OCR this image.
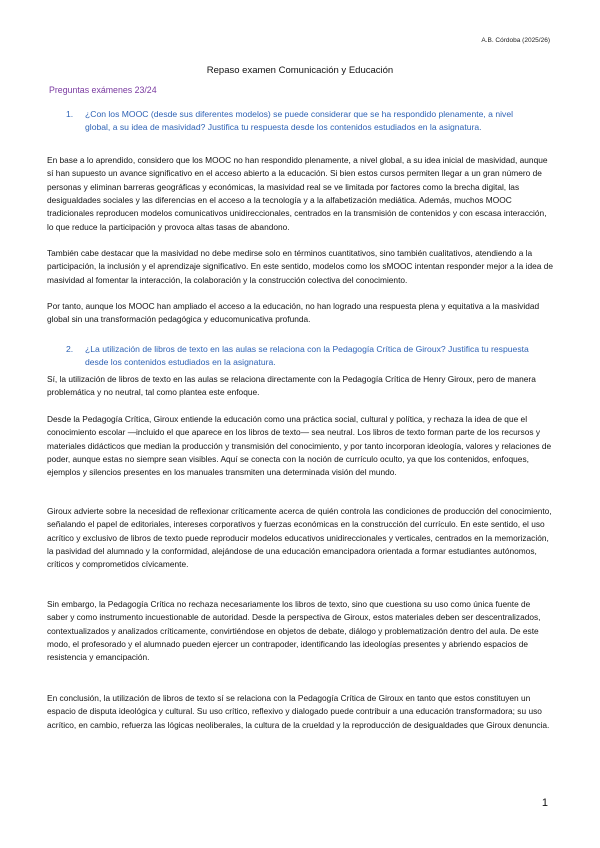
A.B. Córdoba (2025/26)
Repaso examen Comunicación y Educación
Preguntas exámenes 23/24
1.	¿Con los MOOC (desde sus diferentes modelos) se puede considerar que se ha respondido plenamente, a nivel global, a su idea de masividad? Justifica tu respuesta desde los contenidos estudiados en la asignatura.

En base a lo aprendido, considero que los MOOC no han respondido plenamente, a nivel global, a su idea inicial de masividad, aunque sí han supuesto un avance significativo en el acceso abierto a la educación. Si bien estos cursos permiten llegar a un gran número de personas y eliminan barreras geográficas y económicas, la masividad real se ve limitada por factores como la brecha digital, las desigualdades sociales y las diferencias en el acceso a la tecnología y a la alfabetización mediática. Además, muchos MOOC tradicionales reproducen modelos comunicativos unidireccionales, centrados en la transmisión de contenidos y con escasa interacción, lo que reduce la participación y provoca altas tasas de abandono.

También cabe destacar que la masividad no debe medirse solo en términos cuantitativos, sino también cualitativos, atendiendo a la participación, la inclusión y el aprendizaje significativo. En este sentido, modelos como los sMOOC intentan responder mejor a la idea de masividad al fomentar la interacción, la colaboración y la construcción colectiva del conocimiento.

Por tanto, aunque los MOOC han ampliado el acceso a la educación, no han logrado una respuesta plena y equitativa a la masividad global sin una transformación pedagógica y educomunicativa profunda.

2.	¿La utilización de libros de texto en las aulas se relaciona con la Pedagogía Crítica de Giroux? Justifica tu respuesta desde los contenidos estudiados en la asignatura.

Sí, la utilización de libros de texto en las aulas se relaciona directamente con la Pedagogía Crítica de Henry Giroux, pero de manera problemática y no neutral, tal como plantea este enfoque.

Desde la Pedagogía Crítica, Giroux entiende la educación como una práctica social, cultural y política, y rechaza la idea de que el conocimiento escolar —incluido el que aparece en los libros de texto— sea neutral. Los libros de texto forman parte de los recursos y materiales didácticos que median la producción y transmisión del conocimiento, y por tanto incorporan ideología, valores y relaciones de poder, aunque estas no siempre sean visibles. Aquí se conecta con la noción de currículo oculto, ya que los contenidos, enfoques, ejemplos y silencios presentes en los manuales transmiten una determinada visión del mundo.

Giroux advierte sobre la necesidad de reflexionar críticamente acerca de quién controla las condiciones de producción del conocimiento, señalando el papel de editoriales, intereses corporativos y fuerzas económicas en la construcción del currículo. En este sentido, el uso acrítico y exclusivo de libros de texto puede reproducir modelos educativos unidireccionales y verticales, centrados en la memorización, la pasividad del alumnado y la conformidad, alejándose de una educación emancipadora orientada a formar estudiantes autónomos, críticos y comprometidos cívicamente.

Sin embargo, la Pedagogía Crítica no rechaza necesariamente los libros de texto, sino que cuestiona su uso como única fuente de saber y como instrumento incuestionable de autoridad. Desde la perspectiva de Giroux, estos materiales deben ser descentralizados, contextualizados y analizados críticamente, convirtiéndose en objetos de debate, diálogo y problematización dentro del aula. De este modo, el profesorado y el alumnado pueden ejercer un contrapoder, identificando las ideologías presentes y abriendo espacios de resistencia y emancipación.

En conclusión, la utilización de libros de texto sí se relaciona con la Pedagogía Crítica de Giroux en tanto que estos constituyen un espacio de disputa ideológica y cultural. Su uso crítico, reflexivo y dialogado puede contribuir a una educación transformadora; su uso acrítico, en cambio, refuerza las lógicas neoliberales, la cultura de la crueldad y la reproducción de desigualdades que Giroux denuncia.

1
